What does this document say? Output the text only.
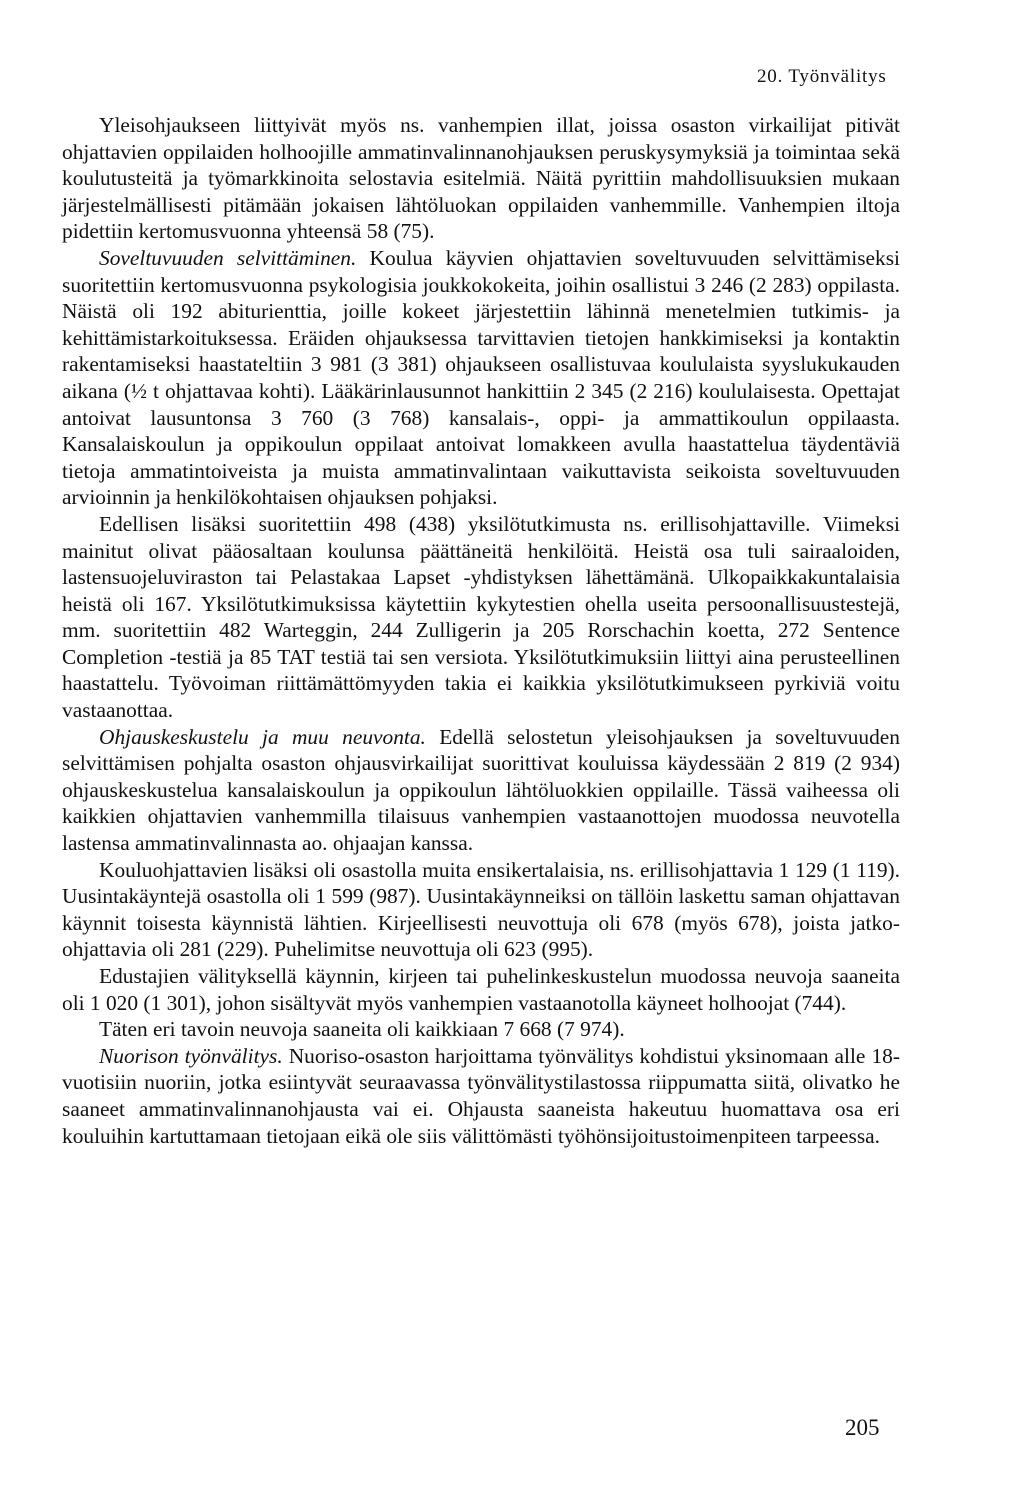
20. Työnvälitys

Yleisohjaukseen liittyivät myös ns. vanhempien illat, joissa osaston virkailijat pitivät ohjattavien oppilaiden holhoojille ammatinvalinnanohjauksen peruskysymyksiä ja toimintaa sekä koulutusteitä ja työmarkkinoita selostavia esitelmiä. Näitä pyrittiin mahdollisuuksien mukaan järjestelmällisesti pitämään jokaisen lähtöluokan oppilaiden vanhemmille. Vanhempien iltoja pidettiin kertomusvuonna yhteensä 58 (75).

Soveltuvuuden selvittäminen. Koulua käyvien ohjattavien soveltuvuuden selvittämiseksi suoritettiin kertomusvuonna psykologisia joukkokokeita, joihin osallistui 3 246 (2 283) oppilasta. Näistä oli 192 abiturienttia, joille kokeet järjestettiin lähinnä menetelmien tutkimis- ja kehittämistarkoituksessa. Eräiden ohjauksessa tarvittavien tietojen hankkimiseksi ja kontaktin rakentamiseksi haastateltiin 3 981 (3 381) ohjaukseen osallistuvaa koululaista syyslukukauden aikana (½ t ohjattavaa kohti). Lääkärinlausunnot hankittiin 2 345 (2 216) koululaisesta. Opettajat antoivat lausuntonsa 3 760 (3 768) kansalais-, oppi- ja ammattikoulun oppilaasta. Kansalaiskoulun ja oppikoulun oppilaat antoivat lomakkeen avulla haastattelua täydentäviä tietoja ammatintoiveista ja muista ammatinvalintaan vaikuttavista seikoista soveltuvuuden arvioinnin ja henkilökohtaisen ohjauksen pohjaksi.

Edellisen lisäksi suoritettiin 498 (438) yksilötutkimusta ns. erillisohjattaville. Viimeksi mainitut olivat pääosaltaan koulunsa päättäneitä henkilöitä. Heistä osa tuli sairaaloiden, lastensuojeluviraston tai Pelastakaa Lapset -yhdistyksen lähettämänä. Ulkopaikkakuntalaisia heistä oli 167. Yksilötutkimuksissa käytettiin kykytestien ohella useita persoonallisuustestejä, mm. suoritettiin 482 Warteggin, 244 Zulligerin ja 205 Rorschachin koetta, 272 Sentence Completion -testiä ja 85 TAT testiä tai sen versiota. Yksilötutkimuksiin liittyi aina perusteellinen haastattelu. Työvoiman riittämättömyyden takia ei kaikkia yksilötutkimukseen pyrkiviä voitu vastaanottaa.

Ohjauskeskustelu ja muu neuvonta. Edellä selostetun yleisohjauksen ja soveltuvuuden selvittämisen pohjalta osaston ohjausvirkailijat suorittivat kouluissa käydessään 2 819 (2 934) ohjauskeskustelua kansalaiskoulun ja oppikoulun lähtöluokkien oppilaille. Tässä vaiheessa oli kaikkien ohjattavien vanhemmilla tilaisuus vanhempien vastaanottojen muodossa neuvotella lastensa ammatinvalinnasta ao. ohjaajan kanssa.

Kouluohjattavien lisäksi oli osastolla muita ensikertalaisia, ns. erillisohjattavia 1 129 (1 119). Uusintakäyntejä osastolla oli 1 599 (987). Uusintakäynneiksi on tällöin laskettu saman ohjattavan käynnit toisesta käynnistä lähtien. Kirjeellisesti neuvottuja oli 678 (myös 678), joista jatko-ohjattavia oli 281 (229). Puhelimitse neuvottuja oli 623 (995).

Edustajien välityksellä käynnin, kirjeen tai puhelinkeskustelun muodossa neuvoja saaneita oli 1 020 (1 301), johon sisältyvät myös vanhempien vastaanotolla käyneet holhoojat (744).

Täten eri tavoin neuvoja saaneita oli kaikkiaan 7 668 (7 974).

Nuorison työnvälitys. Nuoriso-osaston harjoittama työnvälitys kohdistui yksinomaan alle 18-vuotisiin nuoriin, jotka esiintyvät seuraavassa työnvälitystilastossa riippumatta siitä, olivatko he saaneet ammatinvalinnanohjausta vai ei. Ohjausta saaneista hakeutuu huomattava osa eri kouluihin kartuttamaan tietojaan eikä ole siis välittömästi työhönsijoitustoimenpiteen tarpeessa.

205
